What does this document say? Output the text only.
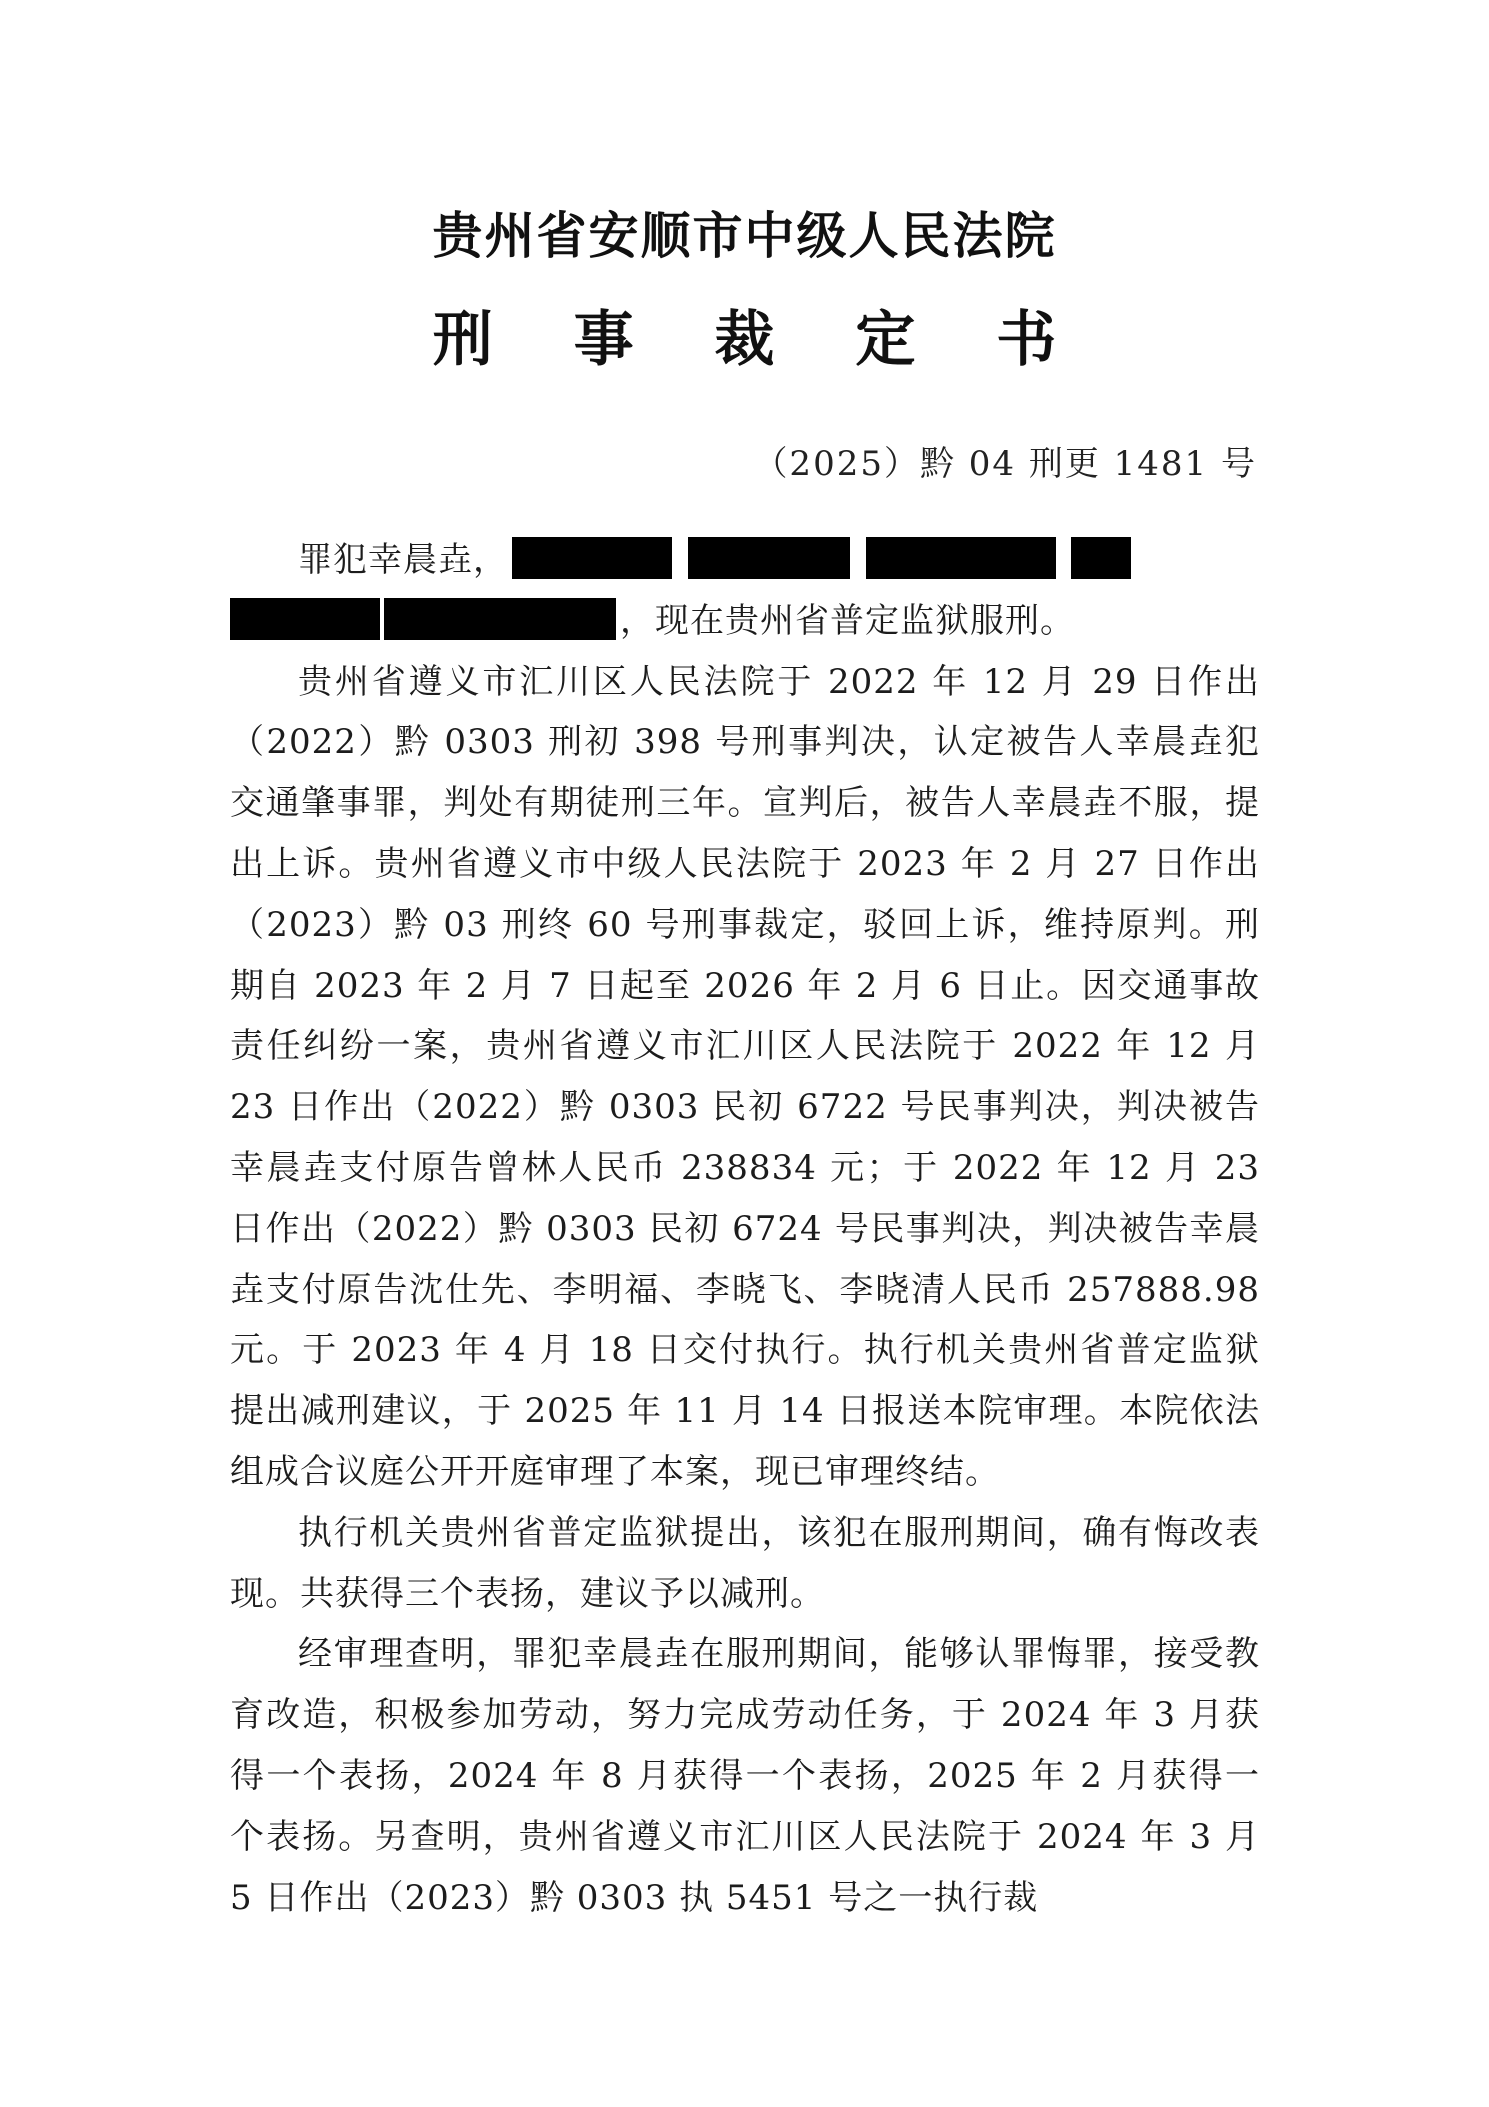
贵州省安顺市中级人民法院
刑 事 裁 定 书
（2025）黔 04 刑更 1481 号

罪犯幸晨垚，

，现在贵州省普定监狱服刑。

贵州省遵义市汇川区人民法院于 2022 年 12 月 29 日作出（2022）黔 0303 刑初 398 号刑事判决，认定被告人幸晨垚犯交通肇事罪，判处有期徒刑三年。宣判后，被告人幸晨垚不服，提出上诉。贵州省遵义市中级人民法院于 2023 年 2 月 27 日作出（2023）黔 03 刑终 60 号刑事裁定，驳回上诉，维持原判。刑期自 2023 年 2 月 7 日起至 2026 年 2 月 6 日止。因交通事故责任纠纷一案，贵州省遵义市汇川区人民法院于 2022 年 12 月 23 日作出（2022）黔 0303 民初 6722 号民事判决，判决被告幸晨垚支付原告曾林人民币 238834 元；于 2022 年 12 月 23 日作出（2022）黔 0303 民初 6724 号民事判决，判决被告幸晨垚支付原告沈仕先、李明福、李晓飞、李晓清人民币 257888.98 元。于 2023 年 4 月 18 日交付执行。执行机关贵州省普定监狱提出减刑建议，于 2025 年 11 月 14 日报送本院审理。本院依法组成合议庭公开开庭审理了本案，现已审理终结。

执行机关贵州省普定监狱提出，该犯在服刑期间，确有悔改表现。共获得三个表扬，建议予以减刑。

经审理查明，罪犯幸晨垚在服刑期间，能够认罪悔罪，接受教育改造，积极参加劳动，努力完成劳动任务，于 2024 年 3 月获得一个表扬，2024 年 8 月获得一个表扬，2025 年 2 月获得一个表扬。另查明，贵州省遵义市汇川区人民法院于 2024 年 3 月 5 日作出（2023）黔 0303 执 5451 号之一执行裁
